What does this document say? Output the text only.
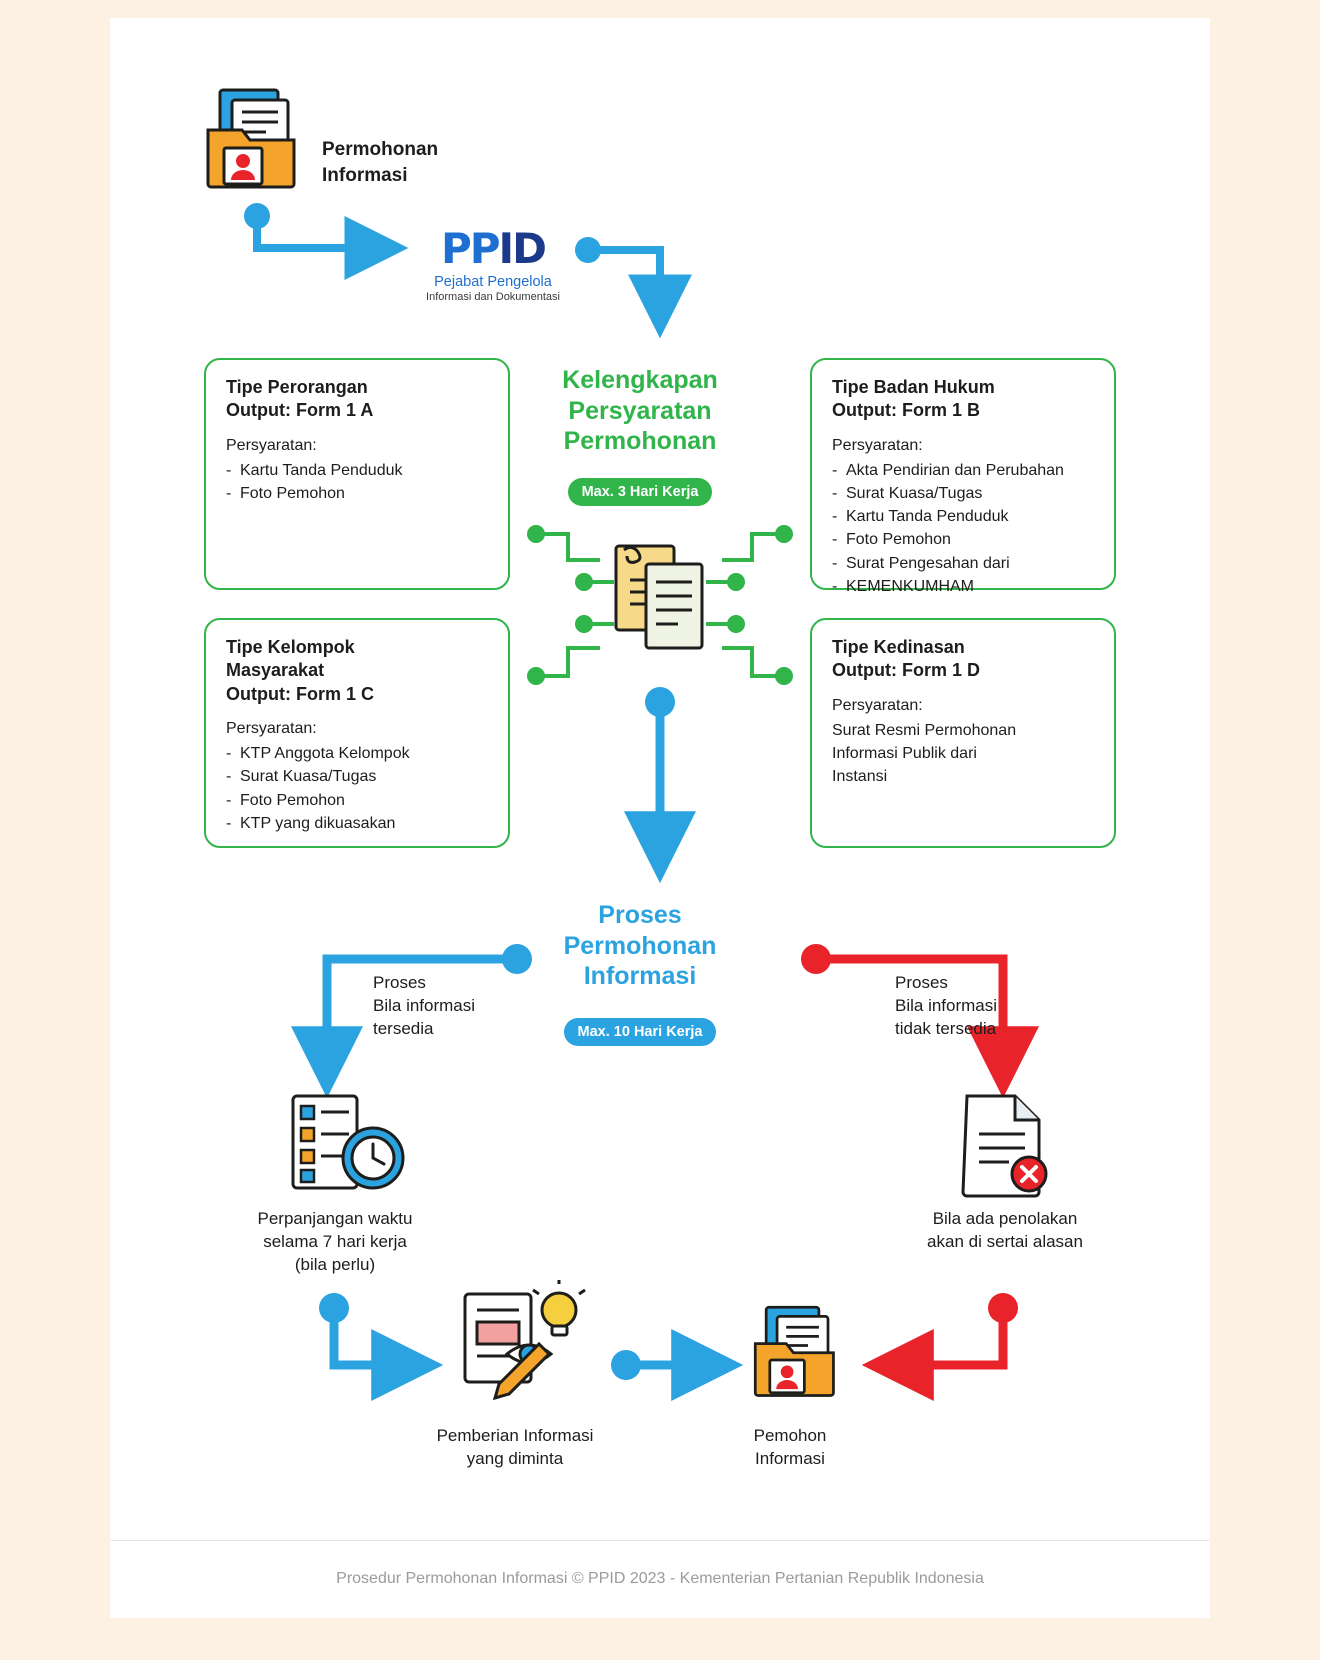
Permohonan
Informasi
PPID
Pejabat Pengelola
Informasi dan Dokumentasi
Kelengkapan
Persyaratan
Permohonan
Max. 3 Hari Kerja
Tipe Perorangan
Output: Form 1 A
Persyaratan:
- Kartu Tanda Penduduk
- Foto Pemohon
Tipe Badan Hukum
Output: Form 1 B
Persyaratan:
- Akta Pendirian dan Perubahan
- Surat Kuasa/Tugas
- Kartu Tanda Penduduk
- Foto Pemohon
- Surat Pengesahan dari
- KEMENKUMHAM
Tipe Kelompok
Masyarakat
Output: Form 1 C
Persyaratan:
- KTP Anggota Kelompok
- Surat Kuasa/Tugas
- Foto Pemohon
- KTP yang dikuasakan
Tipe Kedinasan
Output: Form 1 D
Persyaratan:

Surat Resmi Permohonan

Informasi Publik dari

Instansi

Proses
Permohonan
Informasi
Max. 10 Hari Kerja
Proses
Bila informasi
tersedia
Proses
Bila informasi
tidak tersedia
Perpanjangan waktu
selama 7 hari kerja
(bila perlu)
Bila ada penolakan
akan di sertai alasan
Pemberian Informasi
yang diminta
Pemohon
Informasi
Prosedur Permohonan Informasi © PPID 2023 - Kementerian Pertanian Republik Indonesia
